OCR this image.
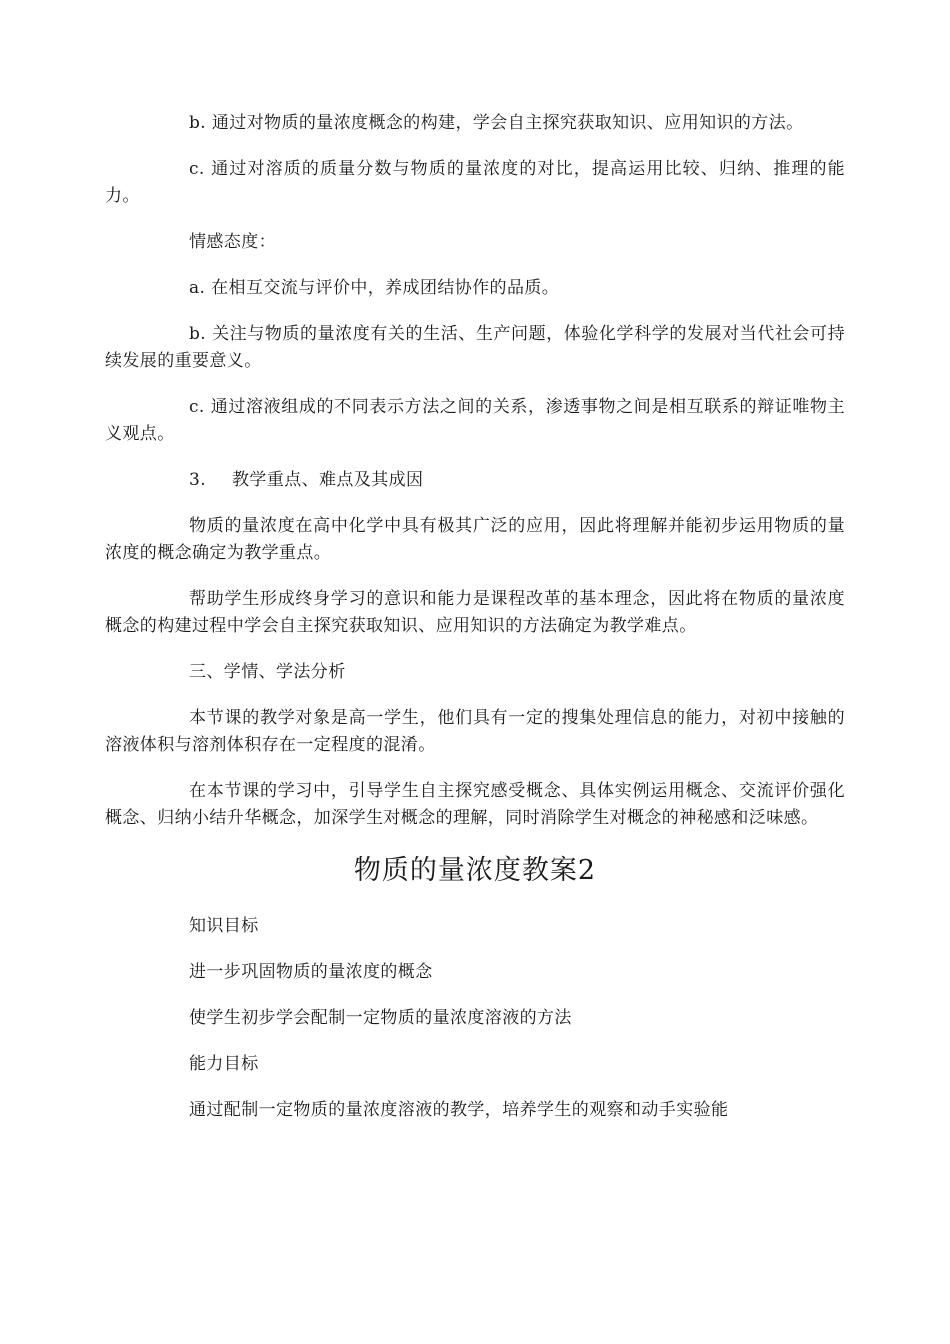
b. 通过对物质的量浓度概念的构建，学会自主探究获取知识、应用知识的方法。

c. 通过对溶质的质量分数与物质的量浓度的对比，提高运用比较、归纳、推理的能力。

情感态度：

a. 在相互交流与评价中，养成团结协作的品质。

b. 关注与物质的量浓度有关的生活、生产问题，体验化学科学的发展对当代社会可持续发展的重要意义。

c. 通过溶液组成的不同表示方法之间的关系，渗透事物之间是相互联系的辩证唯物主义观点。

3. 教学重点、难点及其成因

物质的量浓度在高中化学中具有极其广泛的应用，因此将理解并能初步运用物质的量浓度的概念确定为教学重点。

帮助学生形成终身学习的意识和能力是课程改革的基本理念，因此将在物质的量浓度概念的构建过程中学会自主探究获取知识、应用知识的方法确定为教学难点。

三、学情、学法分析

本节课的教学对象是高一学生，他们具有一定的搜集处理信息的能力，对初中接触的溶液体积与溶剂体积存在一定程度的混淆。

在本节课的学习中，引导学生自主探究感受概念、具体实例运用概念、交流评价强化概念、归纳小结升华概念，加深学生对概念的理解，同时消除学生对概念的神秘感和泛味感。

物质的量浓度教案2

知识目标

进一步巩固物质的量浓度的概念

使学生初步学会配制一定物质的量浓度溶液的方法

能力目标

通过配制一定物质的量浓度溶液的教学，培养学生的观察和动手实验能
